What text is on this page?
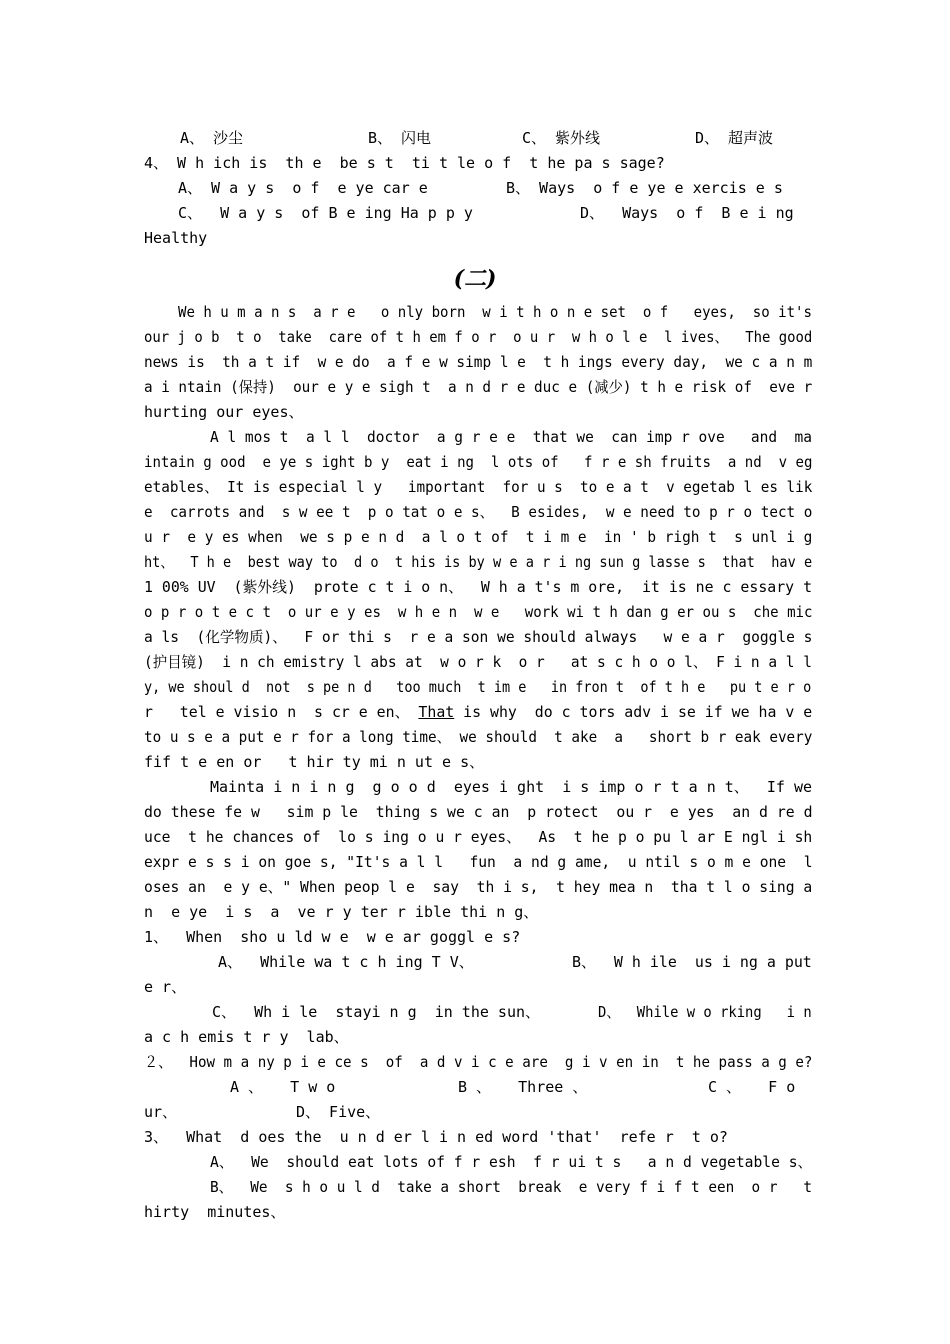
A、 沙尘	B、 闪电	C、 紫外线	D、 超声波
4、 W h ich is  th e  be s t  ti t le o f  t he pa s sage?
A、 W a y s  o f  e ye car e	B、 Ways  o f e ye e xercis e s
C、  W a y s  of B e ing Ha p p y	D、  Ways  o f  B e i ng
Healthy
(二)
We h u m a n s  a r e   o nly born  w i t h o n e set  o f   eyes,  so it's
our j o b  t o  take  care of t h em f o r  o u r  w h o l e  l ives、  The good
news is  th a t if  w e do  a f e w simp l e  t h ings every day,  we c a n m
a i ntain (保持)  our e y e sigh t  a n d r e duc e (减少) t h e risk of  eve r
hurting our eyes、
A l mos t  a l l  doctor  a g r e e  that we  can imp r ove   and  ma
intain g ood  e ye s ight b y  eat i ng  l ots of   f r e sh fruits  a nd  v eg
etables、 It is especial l y   important  for u s  to e a t  v egetab l es lik
e  carrots and  s w ee t  p o tat o e s、  B esides,  w e need to p r o tect o
u r  e y es when  we s p e n d  a l o t of  t i m e  in ' b righ t  s unl i g
ht、  T h e  best way to  d o  t his is by w e a r i ng sun g lasse s  that  hav e
1 00% UV  (紫外线)  prote c t i o n、  W h a t's m ore,  it is ne c essary t
o p r o t e c t  o ur e y es  w h e n  w e   work wi t h dan g er ou s  che mic
a ls  (化学物质)、  F or thi s  r e a son we should always   w e a r  goggle s
(护目镜)  i n ch emistry l abs at  w o r k  o r   at s c h o o l、 F i n a l l
y, we shoul d  not  s pe n d   too much  t im e   in fron t  of t h e   pu t e r o
r   tel e visio n  s cr e en、 That is why  do c tors adv i se if we ha v e
to u s e a put e r for a long time、 we should  t ake  a   short b r eak every
fif t e en or   t hir ty mi n ut e s、
Mainta i n i n g  g o o d  eyes i ght  i s imp o r t a n t、  If we
do these fe w   sim p le  thing s we c an  p rotect  ou r  e yes  an d re d
uce  t he chances of  lo s ing o u r eyes、  As  t he p o pu l ar E ngl i sh
expr e s s i on goe s, "It's a l l   fun  a nd g ame,  u ntil s o m e one  l
oses an  e y e、" When peop l e  say  th i s,  t hey mea n  tha t l o sing a
n  e ye  i s  a  ve r y ter r ible thi n g、
1、  When  sho u ld w e  w e ar goggl e s?
A、  While wa t c h ing T V、	B、  W h ile  us i ng a put
e r、
C、  Wh i le  stayi n g  in the sun、	D、  While w o rking   i n
a c h emis t r y  lab、
２、  How m a ny p i e ce s  of  a d v i c e are  g i v en in  t he pass a g e?
A 、   T w o	B 、   Three 、	C 、   F o
ur、	D、 Five、
3、  What  d oes the  u n d er l i n ed word 'that'  refe r  t o?
A、  We  should eat lots of f r esh  f r ui t s   a n d vegetable s、
B、  We  s h o u l d  take a short  break  e very f i f t een  o r   t
hirty  minutes、
